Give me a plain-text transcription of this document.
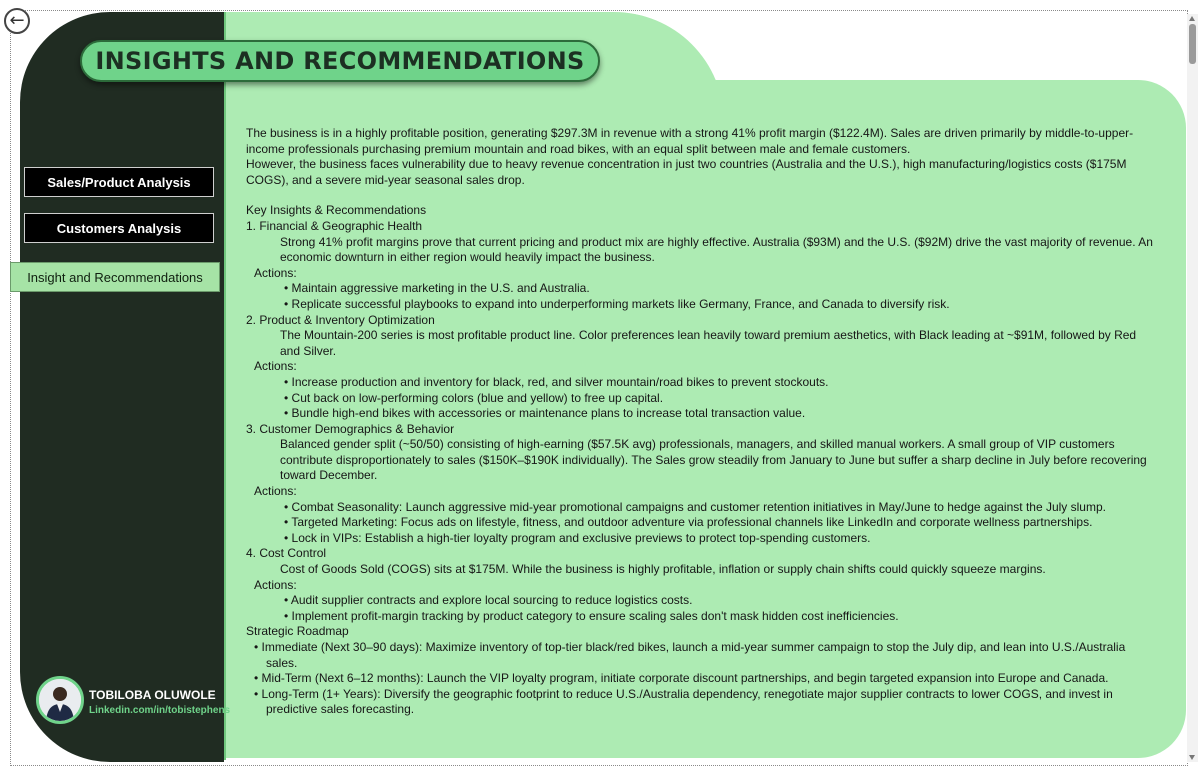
←
INSIGHTS AND RECOMMENDATIONS
Sales/Product Analysis
Customers Analysis
Insight and Recommendations

The business is in a highly profitable position, generating $297.3M in revenue with a strong 41% profit margin ($122.4M). Sales are driven primarily by middle-to-upper-income professionals purchasing premium mountain and road bikes, with an equal split between male and female customers.

However, the business faces vulnerability due to heavy revenue concentration in just two countries (Australia and the U.S.), high manufacturing/logistics costs ($175M COGS), and a severe mid-year seasonal sales drop.

Key Insights & Recommendations

1. Financial & Geographic Health

Strong 41% profit margins prove that current pricing and product mix are highly effective. Australia ($93M) and the U.S. ($92M) drive the vast majority of revenue. An economic downturn in either region would heavily impact the business.

Actions:

• Maintain aggressive marketing in the U.S. and Australia.

• Replicate successful playbooks to expand into underperforming markets like Germany, France, and Canada to diversify risk.

2. Product & Inventory Optimization

The Mountain-200 series is most profitable product line. Color preferences lean heavily toward premium aesthetics, with Black leading at ~$91M, followed by Red and Silver.

Actions:

• Increase production and inventory for black, red, and silver mountain/road bikes to prevent stockouts.

• Cut back on low-performing colors (blue and yellow) to free up capital.

• Bundle high-end bikes with accessories or maintenance plans to increase total transaction value.

3. Customer Demographics & Behavior

Balanced gender split (~50/50) consisting of high-earning ($57.5K avg) professionals, managers, and skilled manual workers. A small group of VIP customers contribute disproportionately to sales ($150K–$190K individually). The Sales grow steadily from January to June but suffer a sharp decline in July before recovering toward December.

Actions:

• Combat Seasonality: Launch aggressive mid-year promotional campaigns and customer retention initiatives in May/June to hedge against the July slump.

• Targeted Marketing: Focus ads on lifestyle, fitness, and outdoor adventure via professional channels like LinkedIn and corporate wellness partnerships.

• Lock in VIPs: Establish a high-tier loyalty program and exclusive previews to protect top-spending customers.

4. Cost Control

Cost of Goods Sold (COGS) sits at $175M. While the business is highly profitable, inflation or supply chain shifts could quickly squeeze margins.

Actions:

• Audit supplier contracts and explore local sourcing to reduce logistics costs.

• Implement profit-margin tracking by product category to ensure scaling sales don't mask hidden cost inefficiencies.

Strategic Roadmap

• Immediate (Next 30–90 days): Maximize inventory of top-tier black/red bikes, launch a mid-year summer campaign to stop the July dip, and lean into U.S./Australia sales.

• Mid-Term (Next 6–12 months): Launch the VIP loyalty program, initiate corporate discount partnerships, and begin targeted expansion into Europe and Canada.

• Long-Term (1+ Years): Diversify the geographic footprint to reduce U.S./Australia dependency, renegotiate major supplier contracts to lower COGS, and invest in predictive sales forecasting.

TOBILOBA OLUWOLE
Linkedin.com/in/tobistephens
